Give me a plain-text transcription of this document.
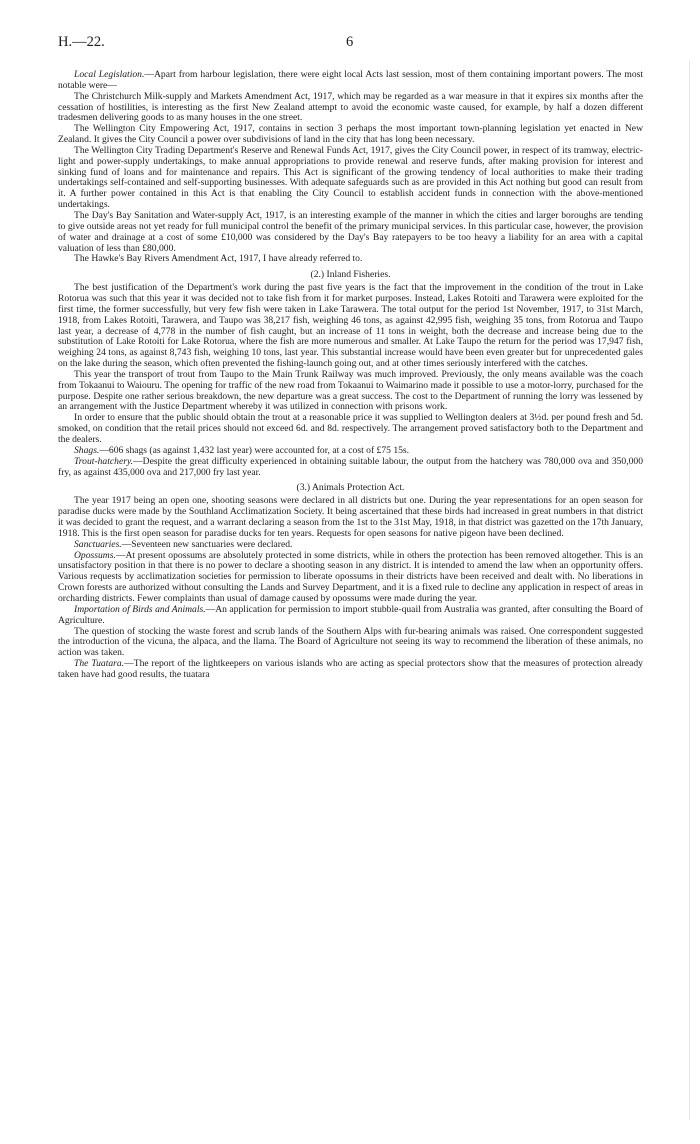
H.—22.	6

Local Legislation.—Apart from harbour legislation, there were eight local Acts last session, most of them containing important powers. The most notable were—

The Christchurch Milk-supply and Markets Amendment Act, 1917, which may be regarded as a war measure in that it expires six months after the cessation of hostilities, is interesting as the first New Zealand attempt to avoid the economic waste caused, for example, by half a dozen different tradesmen delivering goods to as many houses in the one street.

The Wellington City Empowering Act, 1917, contains in section 3 perhaps the most important town-planning legislation yet enacted in New Zealand. It gives the City Council a power over subdivisions of land in the city that has long been necessary.

The Wellington City Trading Department's Reserve and Renewal Funds Act, 1917, gives the City Council power, in respect of its tramway, electric-light and power-supply undertakings, to make annual appropriations to provide renewal and reserve funds, after making provision for interest and sinking fund of loans and for maintenance and repairs. This Act is significant of the growing tendency of local authorities to make their trading undertakings self-contained and self-supporting businesses. With adequate safeguards such as are provided in this Act nothing but good can result from it. A further power contained in this Act is that enabling the City Council to establish accident funds in connection with the above-mentioned undertakings.

The Day's Bay Sanitation and Water-supply Act, 1917, is an interesting example of the manner in which the cities and larger boroughs are tending to give outside areas not yet ready for full municipal control the benefit of the primary municipal services. In this particular case, however, the provision of water and drainage at a cost of some £10,000 was considered by the Day's Bay ratepayers to be too heavy a liability for an area with a capital valuation of less than £80,000.

The Hawke's Bay Rivers Amendment Act, 1917, I have already referred to.

(2.) Inland Fisheries.

The best justification of the Department's work during the past five years is the fact that the improvement in the condition of the trout in Lake Rotorua was such that this year it was decided not to take fish from it for market purposes. Instead, Lakes Rotoiti and Tarawera were exploited for the first time, the former successfully, but very few fish were taken in Lake Tarawera. The total output for the period 1st November, 1917, to 31st March, 1918, from Lakes Rotoiti, Tarawera, and Taupo was 38,217 fish, weighing 46 tons, as against 42,995 fish, weighing 35 tons, from Rotorua and Taupo last year, a decrease of 4,778 in the number of fish caught, but an increase of 11 tons in weight, both the decrease and increase being due to the substitution of Lake Rotoiti for Lake Rotorua, where the fish are more numerous and smaller. At Lake Taupo the return for the period was 17,947 fish, weighing 24 tons, as against 8,743 fish, weighing 10 tons, last year. This substantial increase would have been even greater but for unprecedented gales on the lake during the season, which often prevented the fishing-launch going out, and at other times seriously interfered with the catches.

This year the transport of trout from Taupo to the Main Trunk Railway was much improved. Previously, the only means available was the coach from Tokaanui to Waiouru. The opening for traffic of the new road from Tokaanui to Waimarino made it possible to use a motor-lorry, purchased for the purpose. Despite one rather serious breakdown, the new departure was a great success. The cost to the Department of running the lorry was lessened by an arrangement with the Justice Department whereby it was utilized in connection with prisons work.

In order to ensure that the public should obtain the trout at a reasonable price it was supplied to Wellington dealers at 3½d. per pound fresh and 5d. smoked, on condition that the retail prices should not exceed 6d. and 8d. respectively. The arrangement proved satisfactory both to the Department and the dealers.

Shags.—606 shags (as against 1,432 last year) were accounted for, at a cost of £75 15s.

Trout-hatchery.—Despite the great difficulty experienced in obtaining suitable labour, the output from the hatchery was 780,000 ova and 350,000 fry, as against 435,000 ova and 217,000 fry last year.

(3.) Animals Protection Act.

The year 1917 being an open one, shooting seasons were declared in all districts but one. During the year representations for an open season for paradise ducks were made by the Southland Acclimatization Society. It being ascertained that these birds had increased in great numbers in that district it was decided to grant the request, and a warrant declaring a season from the 1st to the 31st May, 1918, in that district was gazetted on the 17th January, 1918. This is the first open season for paradise ducks for ten years. Requests for open seasons for native pigeon have been declined.

Sanctuaries.—Seventeen new sanctuaries were declared.

Opossums.—At present opossums are absolutely protected in some districts, while in others the protection has been removed altogether. This is an unsatisfactory position in that there is no power to declare a shooting season in any district. It is intended to amend the law when an opportunity offers. Various requests by acclimatization societies for permission to liberate opossums in their districts have been received and dealt with. No liberations in Crown forests are authorized without consulting the Lands and Survey Department, and it is a fixed rule to decline any application in respect of areas in orcharding districts. Fewer complaints than usual of damage caused by opossums were made during the year.

Importation of Birds and Animals.—An application for permission to import stubble-quail from Australia was granted, after consulting the Board of Agriculture.

The question of stocking the waste forest and scrub lands of the Southern Alps with fur-bearing animals was raised. One correspondent suggested the introduction of the vicuna, the alpaca, and the llama. The Board of Agriculture not seeing its way to recommend the liberation of these animals, no action was taken.

The Tuatara.—The report of the lightkeepers on various islands who are acting as special protectors show that the measures of protection already taken have had good results, the tuatara
